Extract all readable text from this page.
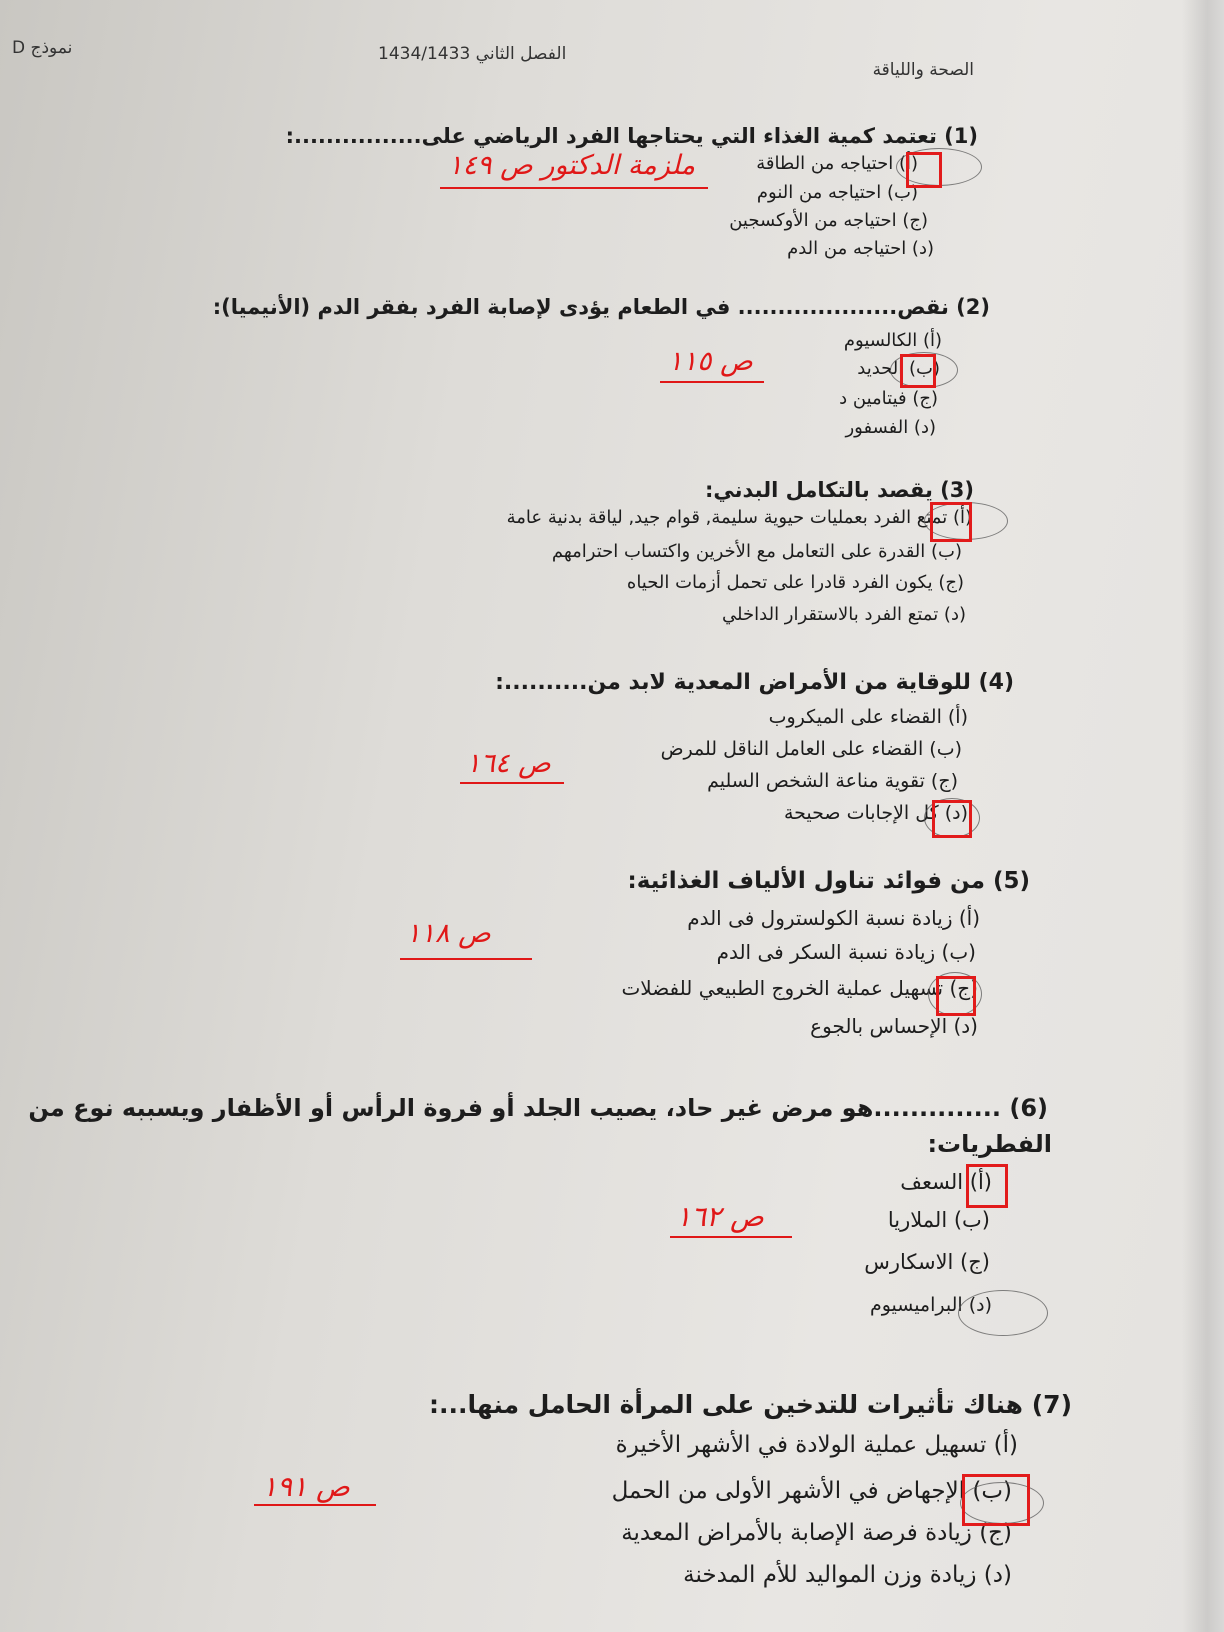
نموذج D	الفصل الثاني 1434/1433
الصحة واللياقة
(1) تعتمد كمية الغذاء التي يحتاجها الفرد الرياضي على................:
(أ) احتياجه من الطاقة
(ب) احتياجه من النوم
(ج) احتياجه من الأوكسجين
(د) احتياجه من الدم
ملزمة الدكتور ص ١٤٩
(2) نقص.................... في الطعام يؤدى لإصابة الفرد بفقر الدم (الأنيميا):
(أ) الكالسيوم
(ب) الحديد
(ج) فيتامين د
(د) الفسفور
ص ١١٥
(3) يقصد بالتكامل البدني:
(أ) تمتع الفرد بعمليات حيوية سليمة, قوام جيد, لياقة بدنية عامة
(ب) القدرة على التعامل مع الأخرين واكتساب احترامهم
(ج) يكون الفرد قادرا على تحمل أزمات الحياه
(د) تمتع الفرد بالاستقرار الداخلي
(4) للوقاية من الأمراض المعدية لابد من..........:
(أ) القضاء على الميكروب
(ب) القضاء على العامل الناقل للمرض
(ج) تقوية مناعة الشخص السليم
(د) كل الإجابات صحيحة
ص ١٦٤
(5) من فوائد تناول الألياف الغذائية:
(أ) زيادة نسبة الكولسترول فى الدم
(ب) زيادة نسبة السكر فى الدم
(ج) تسهيل عملية الخروج الطبيعي للفضلات
(د) الإحساس بالجوع
ص ١١٨
(6) ..............هو مرض غير حاد، يصيب الجلد أو فروة الرأس أو الأظفار ويسببه نوع من
الفطريات:
(أ) السعف
(ب) الملاريا
(ج) الاسكارس
(د) البراميسيوم
ص ١٦٢
(7) هناك تأثيرات للتدخين على المرأة الحامل منها...:
(أ) تسهيل عملية الولادة في الأشهر الأخيرة
(ب) الإجهاض في الأشهر الأولى من الحمل
(ج) زيادة فرصة الإصابة بالأمراض المعدية
(د) زيادة وزن المواليد للأم المدخنة
ص ١٩١
